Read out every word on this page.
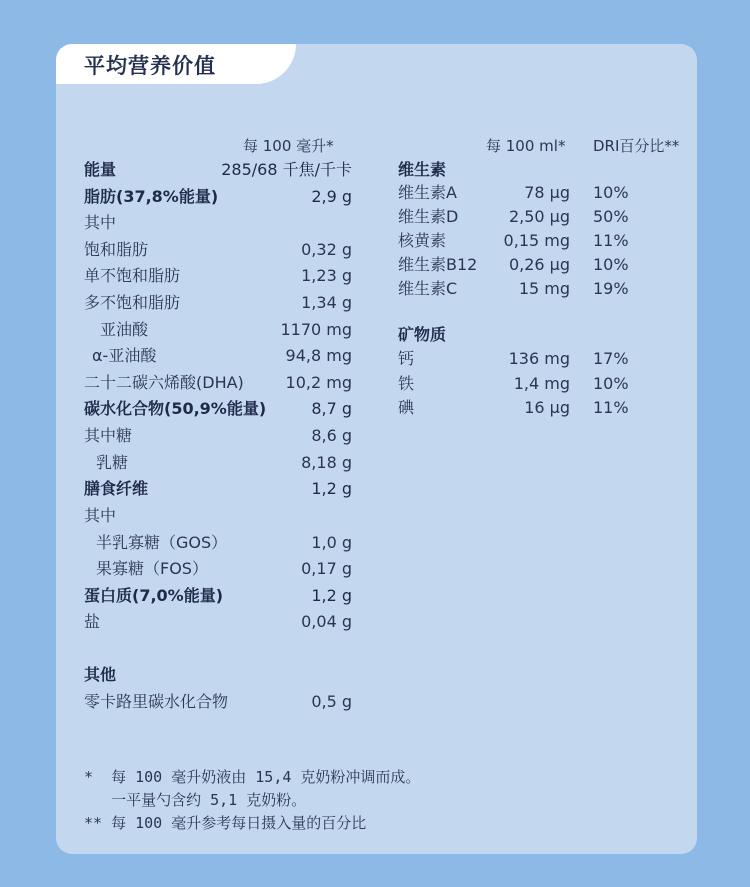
平均营养价值
每 100 毫升*	每 100 ml* DRI百分比**
能量	285/68 千焦/千卡
脂肪(37,8%能量)	2,9 g
其中
饱和脂肪	0,32 g
单不饱和脂肪	1,23 g
多不饱和脂肪	1,34 g
亚油酸	1170 mg
α-亚油酸	94,8 mg
二十二碳六烯酸(DHA)	10,2 mg
碳水化合物(50,9%能量)	8,7 g
其中糖	8,6 g
乳糖	8,18 g
膳食纤维	1,2 g
其中
半乳寡糖（GOS）	1,0 g
果寡糖（FOS）	0,17 g
蛋白质(7,0%能量)	1,2 g
盐	0,04 g
其他
零卡路里碳水化合物	0,5 g
维生素
维生素A	78 μg 10%
维生素D	2,50 μg 50%
核黄素	0,15 mg 11%
维生素B12 0,26 μg 10%
维生素C	15 mg 19%
矿物质
钙	136 mg 17%
铁	1,4 mg 10%
碘	16 μg 11%
*  每 100 毫升奶液由 15,4 克奶粉冲调而成。
一平量勺含约 5,1 克奶粉。
** 每 100 毫升参考每日摄入量的百分比
